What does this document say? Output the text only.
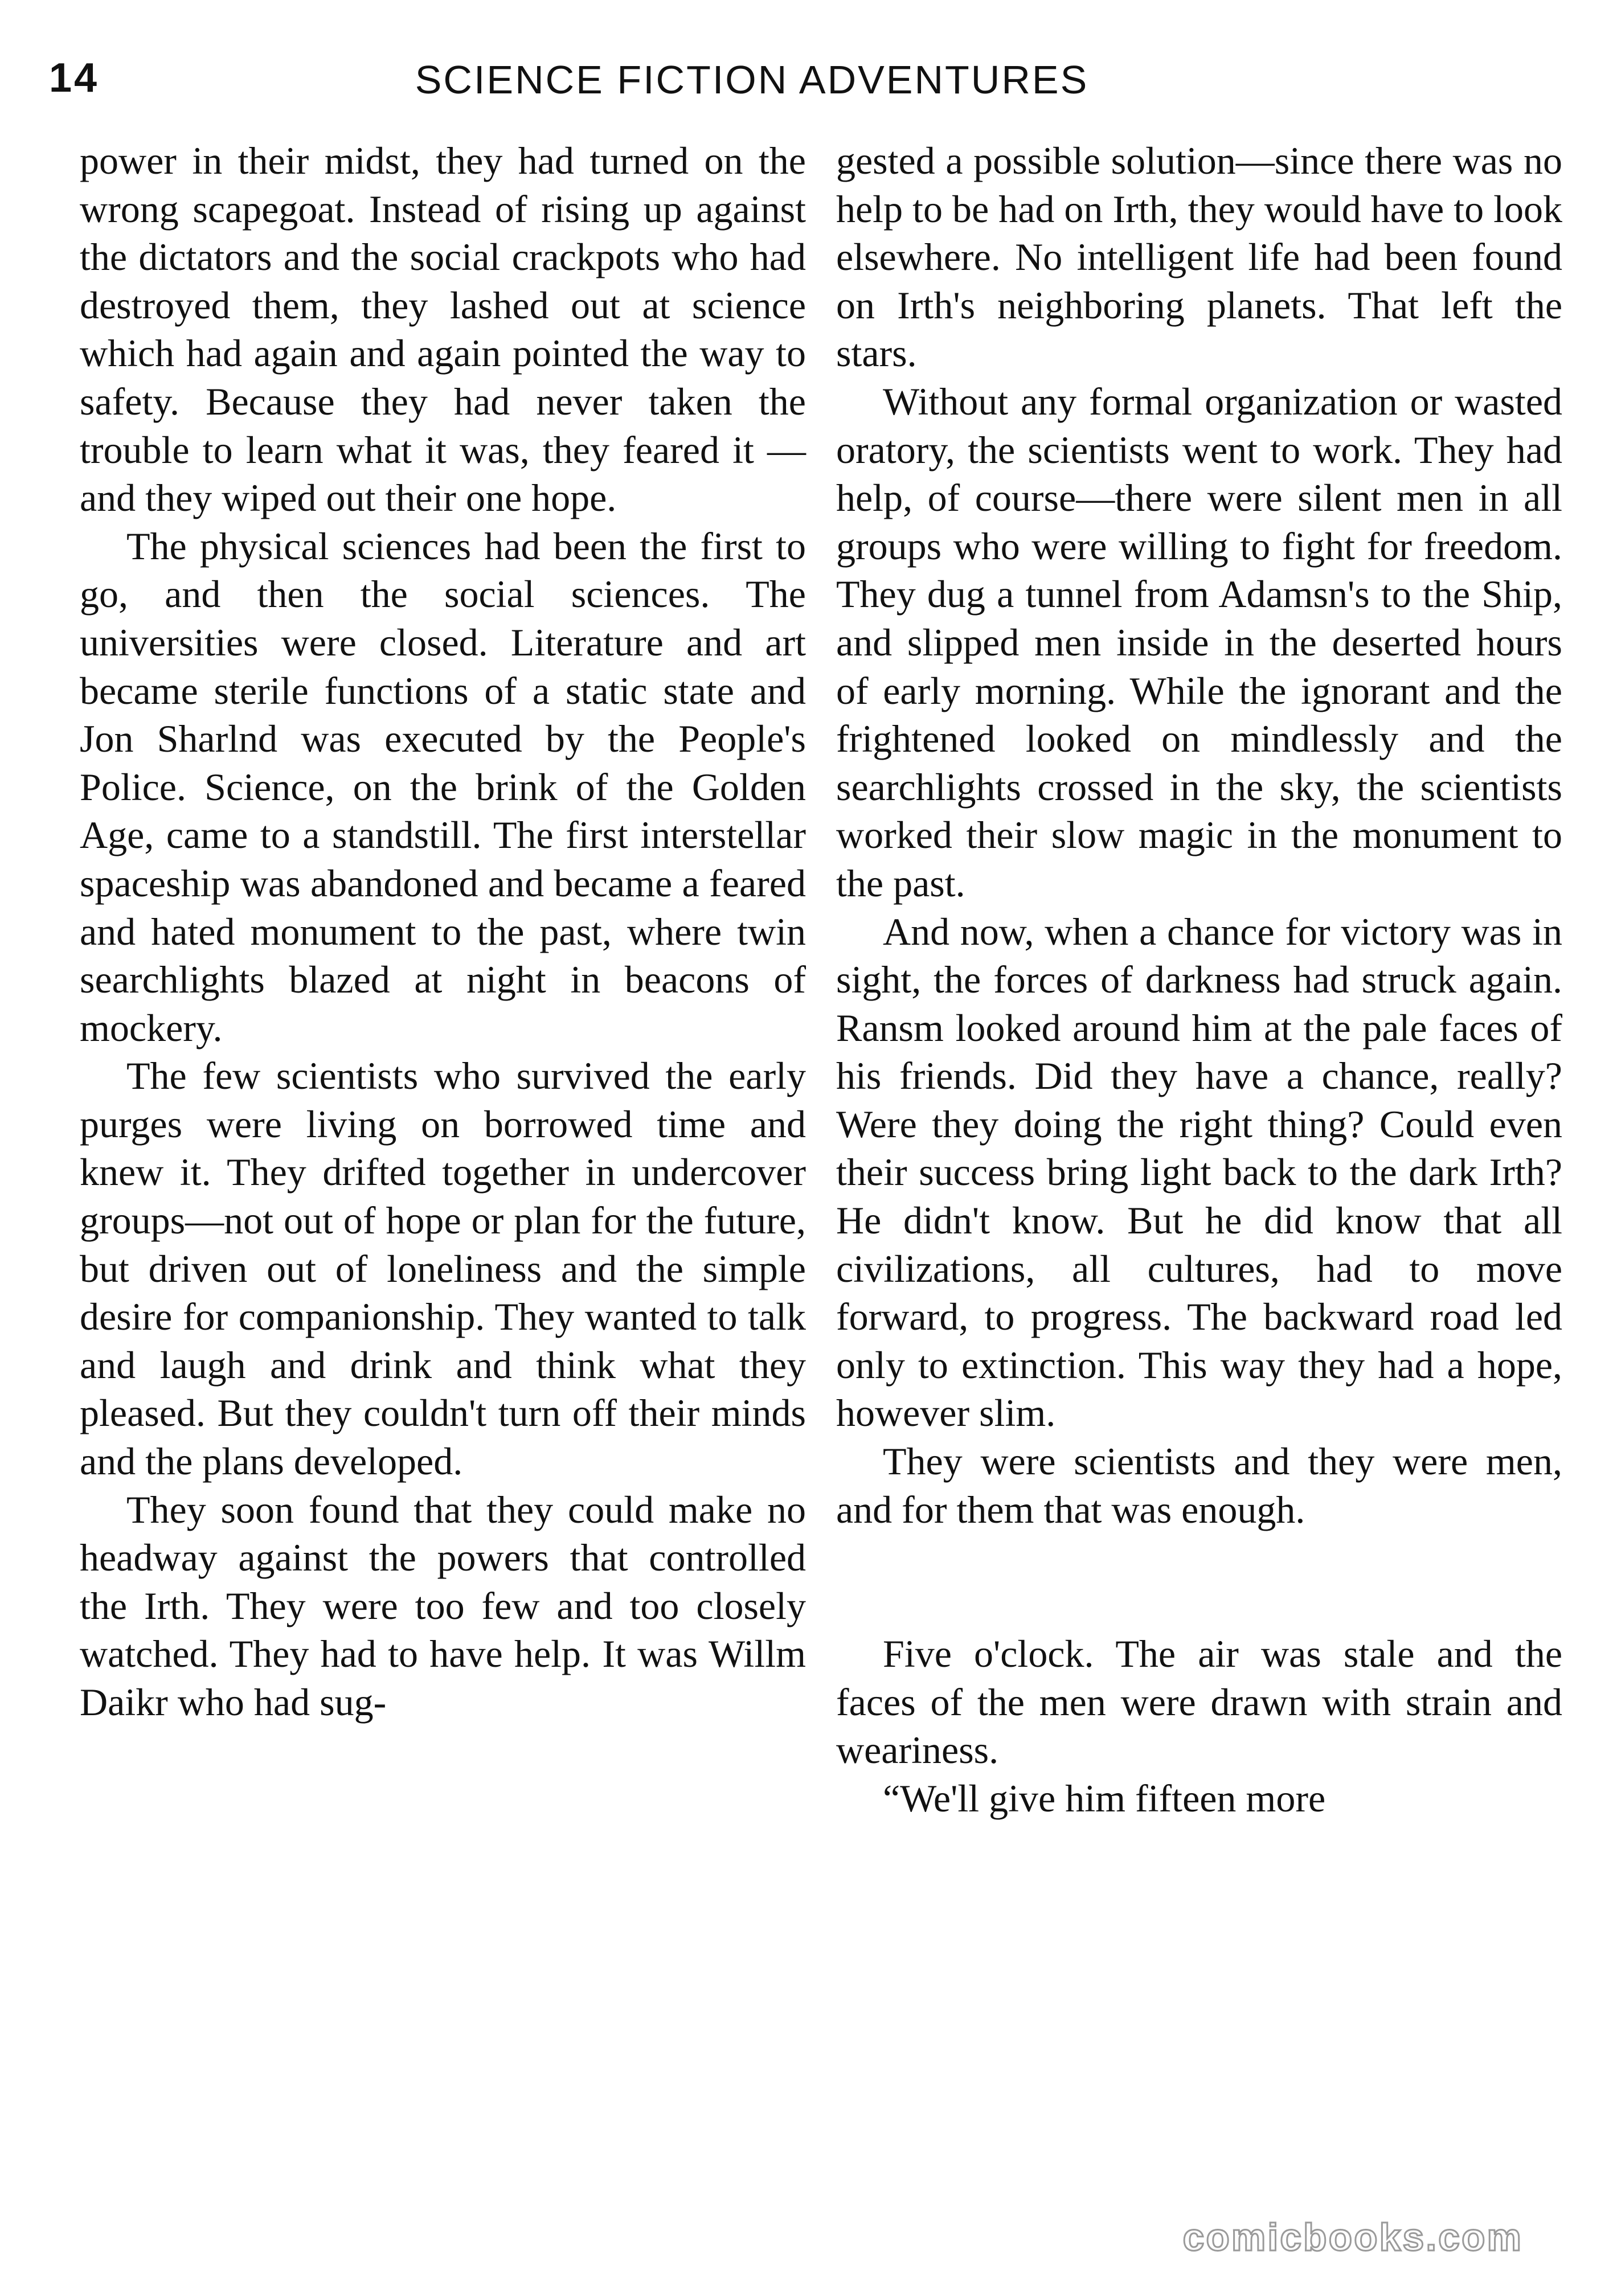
14	SCIENCE FICTION ADVENTURES

power in their midst, they had turned on the wrong scapegoat. Instead of rising up against the dictators and the social crackpots who had destroyed them, they lashed out at science which had again and again pointed the way to safety. Because they had never taken the trouble to learn what it was, they feared it — and they wiped out their one hope.

The physical sciences had been the first to go, and then the social sciences. The universities were closed. Literature and art became sterile functions of a static state and Jon Sharlnd was executed by the People's Police. Science, on the brink of the Golden Age, came to a standstill. The first interstellar spaceship was abandoned and became a feared and hated monument to the past, where twin searchlights blazed at night in beacons of mockery.

The few scientists who survived the early purges were living on borrowed time and knew it. They drifted together in undercover groups—not out of hope or plan for the future, but driven out of loneliness and the simple desire for companionship. They wanted to talk and laugh and drink and think what they pleased. But they couldn't turn off their minds and the plans developed.

They soon found that they could make no headway against the powers that controlled the Irth. They were too few and too closely watched. They had to have help. It was Willm Daikr who had sug-

gested a possible solution—since there was no help to be had on Irth, they would have to look elsewhere. No intelligent life had been found on Irth's neighboring planets. That left the stars.

Without any formal organization or wasted oratory, the scientists went to work. They had help, of course—there were silent men in all groups who were willing to fight for freedom. They dug a tunnel from Adamsn's to the Ship, and slipped men inside in the deserted hours of early morning. While the ignorant and the frightened looked on mindlessly and the searchlights crossed in the sky, the scientists worked their slow magic in the monument to the past.

And now, when a chance for victory was in sight, the forces of darkness had struck again. Ransm looked around him at the pale faces of his friends. Did they have a chance, really? Were they doing the right thing? Could even their success bring light back to the dark Irth? He didn't know. But he did know that all civilizations, all cultures, had to move forward, to progress. The backward road led only to extinction. This way they had a hope, however slim.

They were scientists and they were men, and for them that was enough.

Five o'clock. The air was stale and the faces of the men were drawn with strain and weariness.

“We'll give him fifteen more

comicbooks.com
